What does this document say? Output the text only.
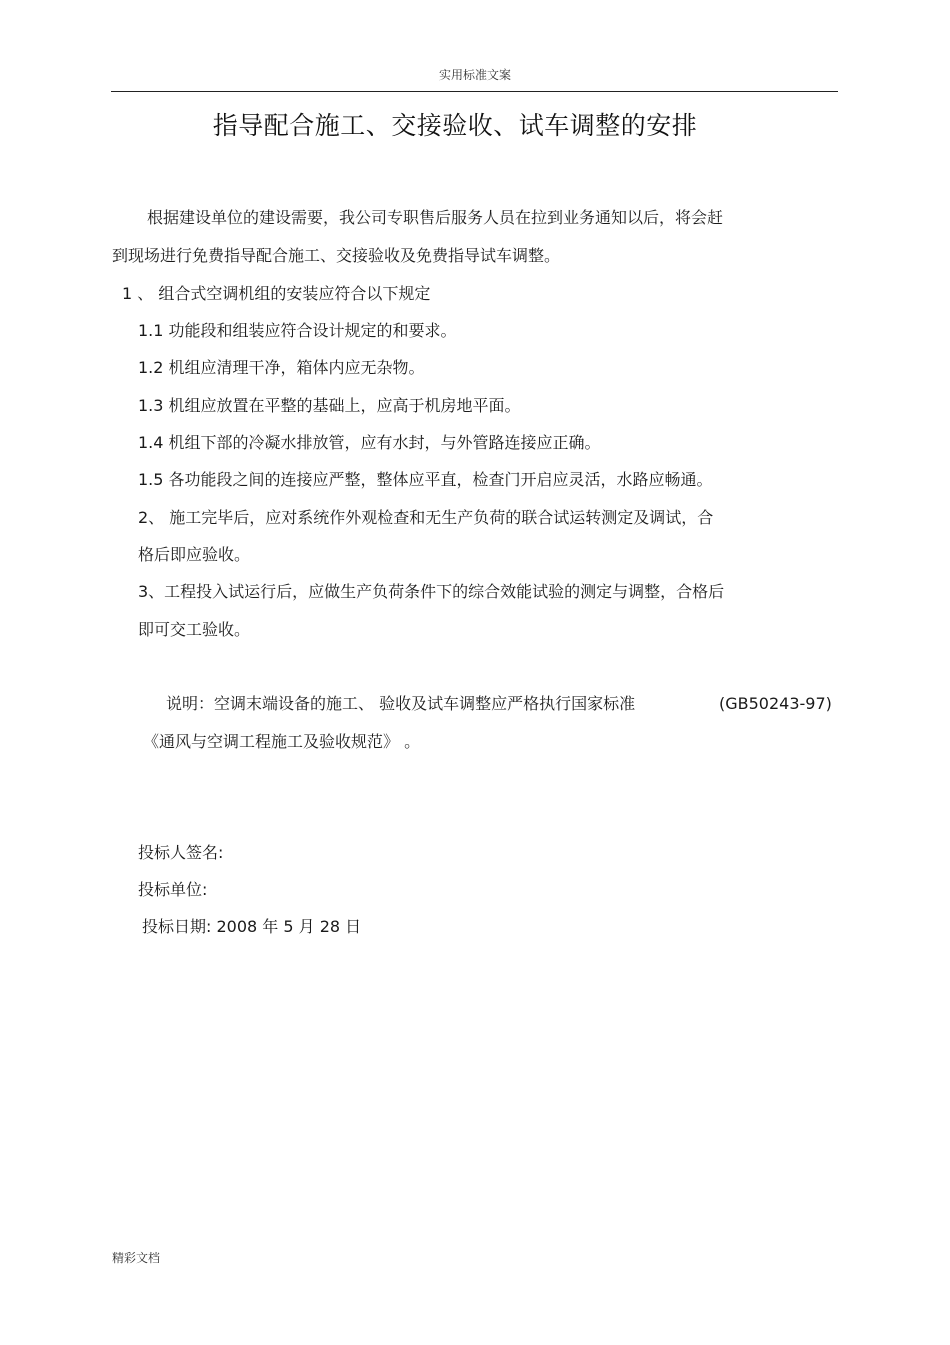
实用标准文案
指导配合施工、交接验收、试车调整的安排
根据建设单位的建设需要，我公司专职售后服务人员在拉到业务通知以后，将会赶
到现场进行免费指导配合施工、交接验收及免费指导试车调整。
1 、 组合式空调机组的安装应符合以下规定
1.1 功能段和组装应符合设计规定的和要求。
1.2 机组应清理干净，箱体内应无杂物。
1.3 机组应放置在平整的基础上，应高于机房地平面。
1.4 机组下部的冷凝水排放管，应有水封，与外管路连接应正确。
1.5 各功能段之间的连接应严整，整体应平直，检查门开启应灵活，水路应畅通。
2、 施工完毕后，应对系统作外观检查和无生产负荷的联合试运转测定及调试，合
格后即应验收。
3、工程投入试运行后，应做生产负荷条件下的综合效能试验的测定与调整，合格后
即可交工验收。
说明：空调末端设备的施工、 验收及试车调整应严格执行国家标准	(GB50243-97)
《通风与空调工程施工及验收规范》 。
投标人签名:
投标单位:
投标日期: 2008 年 5 月 28 日
精彩文档
